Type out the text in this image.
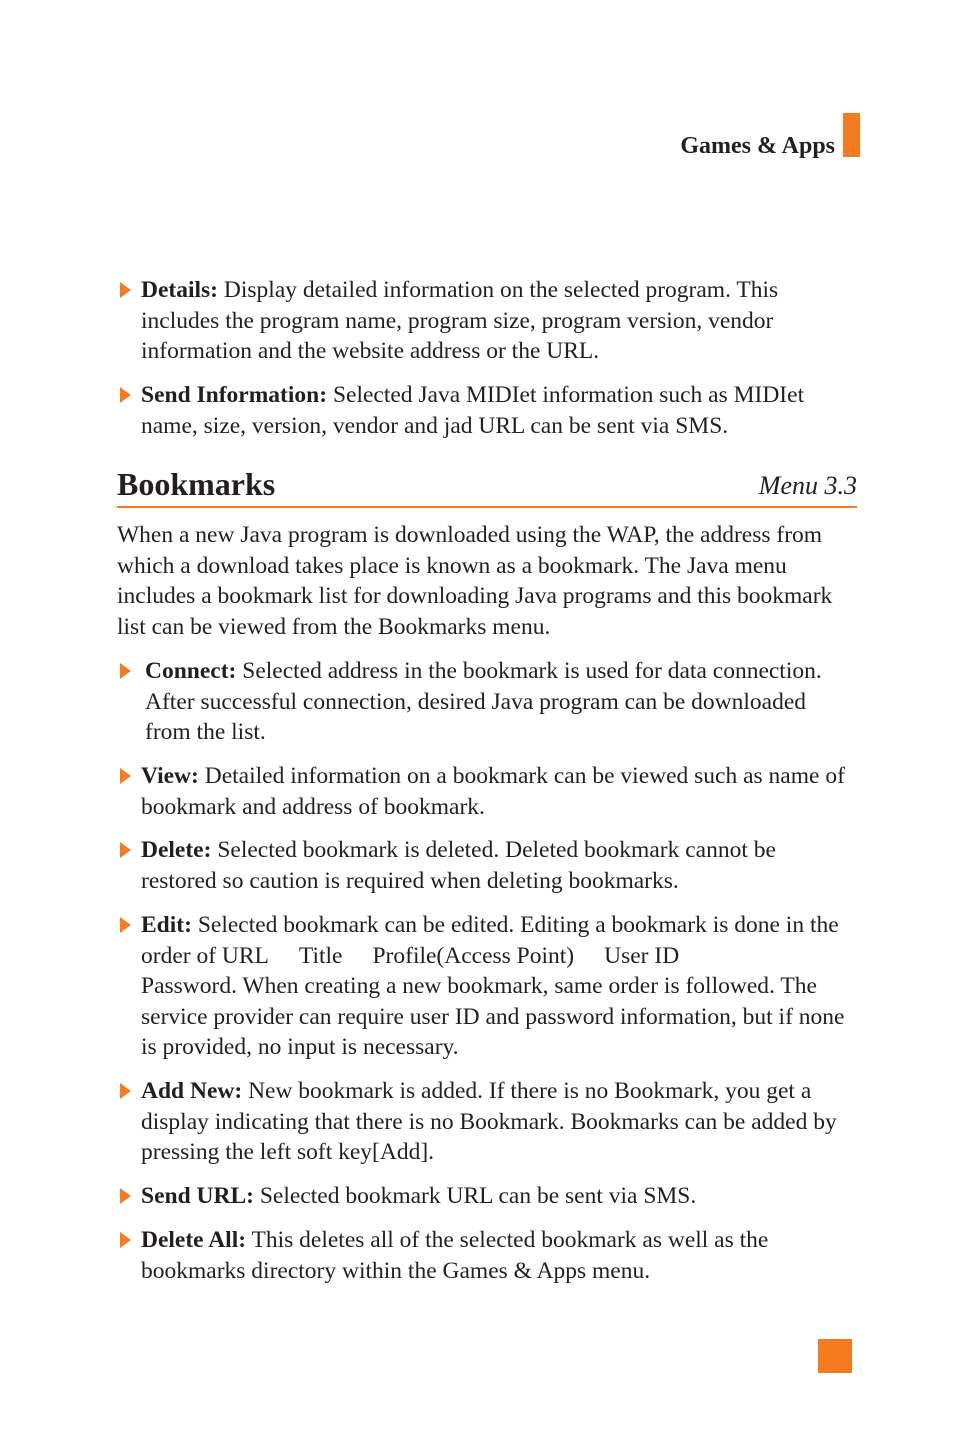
Games & Apps
Details: Display detailed information on the selected program. This includes the program name, program size, program version, vendor information and the website address or the URL.
Send Information: Selected Java MIDIet information such as MIDIet name, size, version, vendor and jad URL can be sent via SMS.
Bookmarks	Menu 3.3
When a new Java program is downloaded using the WAP, the address from which a download takes place is known as a bookmark. The Java menu includes a bookmark list for downloading Java programs and this bookmark list can be viewed from the Bookmarks menu.
Connect: Selected address in the bookmark is used for data connection. After successful connection, desired Java program can be downloaded from the list.
View: Detailed information on a bookmark can be viewed such as name of bookmark and address of bookmark.
Delete: Selected bookmark is deleted. Deleted bookmark cannot be restored so caution is required when deleting bookmarks.
Edit: Selected bookmark can be edited. Editing a bookmark is done in the order of URL Title Profile(Access Point) User ID
Password. When creating a new bookmark, same order is followed. The service provider can require user ID and password information, but if none is provided, no input is necessary.
Add New: New bookmark is added. If there is no Bookmark, you get a display indicating that there is no Bookmark. Bookmarks can be added by pressing the left soft key[Add].
Send URL: Selected bookmark URL can be sent via SMS.
Delete All: This deletes all of the selected bookmark as well as the bookmarks directory within the Games & Apps menu.
